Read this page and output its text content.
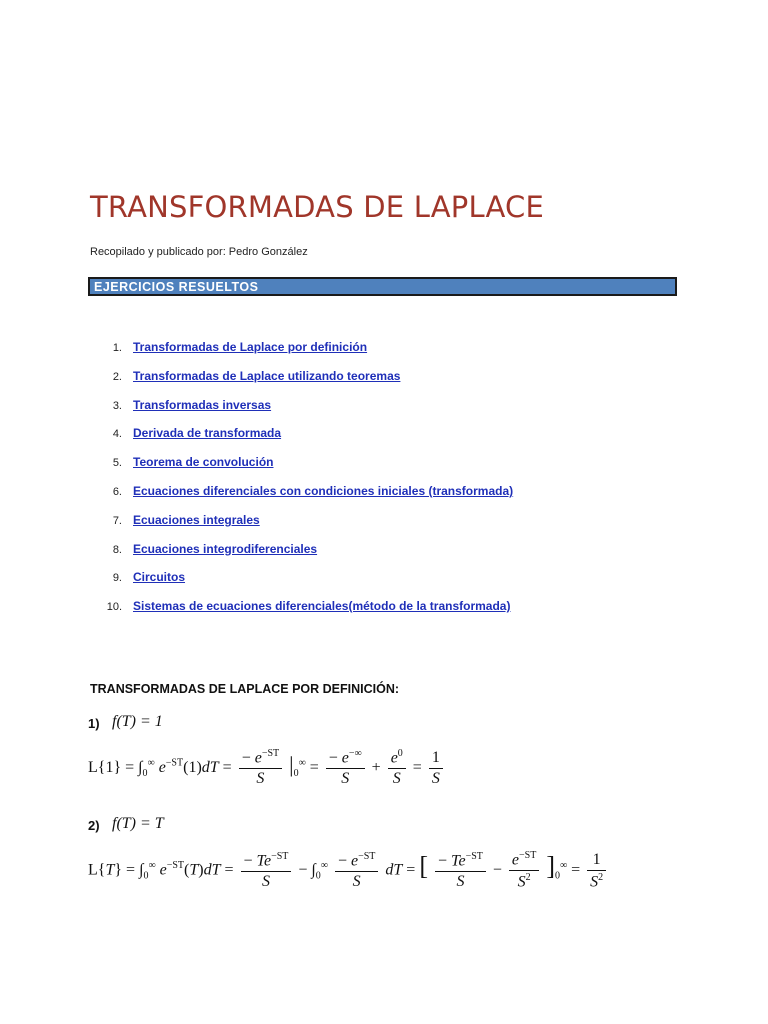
TRANSFORMADAS DE LAPLACE
Recopilado y publicado por: Pedro González
EJERCICIOS RESUELTOS
1. Transformadas de Laplace por definición
2. Transformadas de Laplace utilizando teoremas
3. Transformadas inversas
4. Derivada de transformada
5. Teorema de convolución
6. Ecuaciones diferenciales con condiciones iniciales (transformada)
7. Ecuaciones integrales
8. Ecuaciones integrodiferenciales
9. Circuitos
10. Sistemas de ecuaciones diferenciales(método de la transformada)
TRANSFORMADAS DE LAPLACE POR DEFINICIÓN:
1) f(T) = 1
$L\{1\} = \int_0^\infty$ $e^{-ST}(1)dT = \frac{- e^{-ST}}{S} |_0^\infty = \frac{- e^{-\infty}}{S} + \frac{e^0}{S} = \frac{1}{S}$
2) f(T) = T
$L\{T\} = \int_0^\infty$ $e^{-ST}(T)dT = \frac{- Te^{-ST}}{S} - \int_0^\infty \frac{- e^{-ST}}{S}$ dT = [ $\frac{- Te^{-ST}}{S} - \frac{e^{-ST}}{S^2} ]_0^\infty = \frac{1}{S^2}$
